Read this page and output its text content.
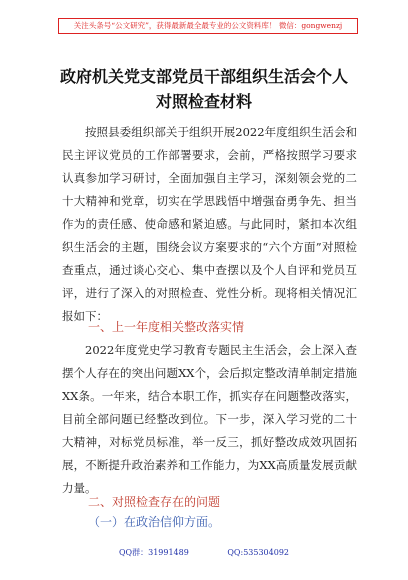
关注头条号“公文研究”，获得最新最全最专业的公文资料库！ 微信：gongwenzj
政府机关党支部党员干部组织生活会个人
对照检查材料

按照县委组织部关于组织开展2022年度组织生活会和民主评议党员的工作部署要求，会前，严格按照学习要求认真参加学习研讨，全面加强自主学习，深刻领会党的二十大精神和党章，切实在学思践悟中增强奋勇争先、担当作为的责任感、使命感和紧迫感。与此同时，紧扣本次组织生活会的主题，围绕会议方案要求的“六个方面”对照检查重点，通过谈心交心、集中查摆以及个人自评和党员互评，进行了深入的对照检查、党性分析。现将相关情况汇报如下：

一、上一年度相关整改落实情

2022年度党史学习教育专题民主生活会，会上深入查摆个人存在的突出问题XX个，会后拟定整改清单制定措施XX条。一年来，结合本职工作，抓实存在问题整改落实，目前全部问题已经整改到位。下一步，深入学习党的二十大精神，对标党员标准，举一反三，抓好整改成效巩固拓展，不断提升政治素养和工作能力，为XX高质量发展贡献力量。

二、对照检查存在的问题
（一）在政治信仰方面。
QQ群：31991489	QQ:535304092
